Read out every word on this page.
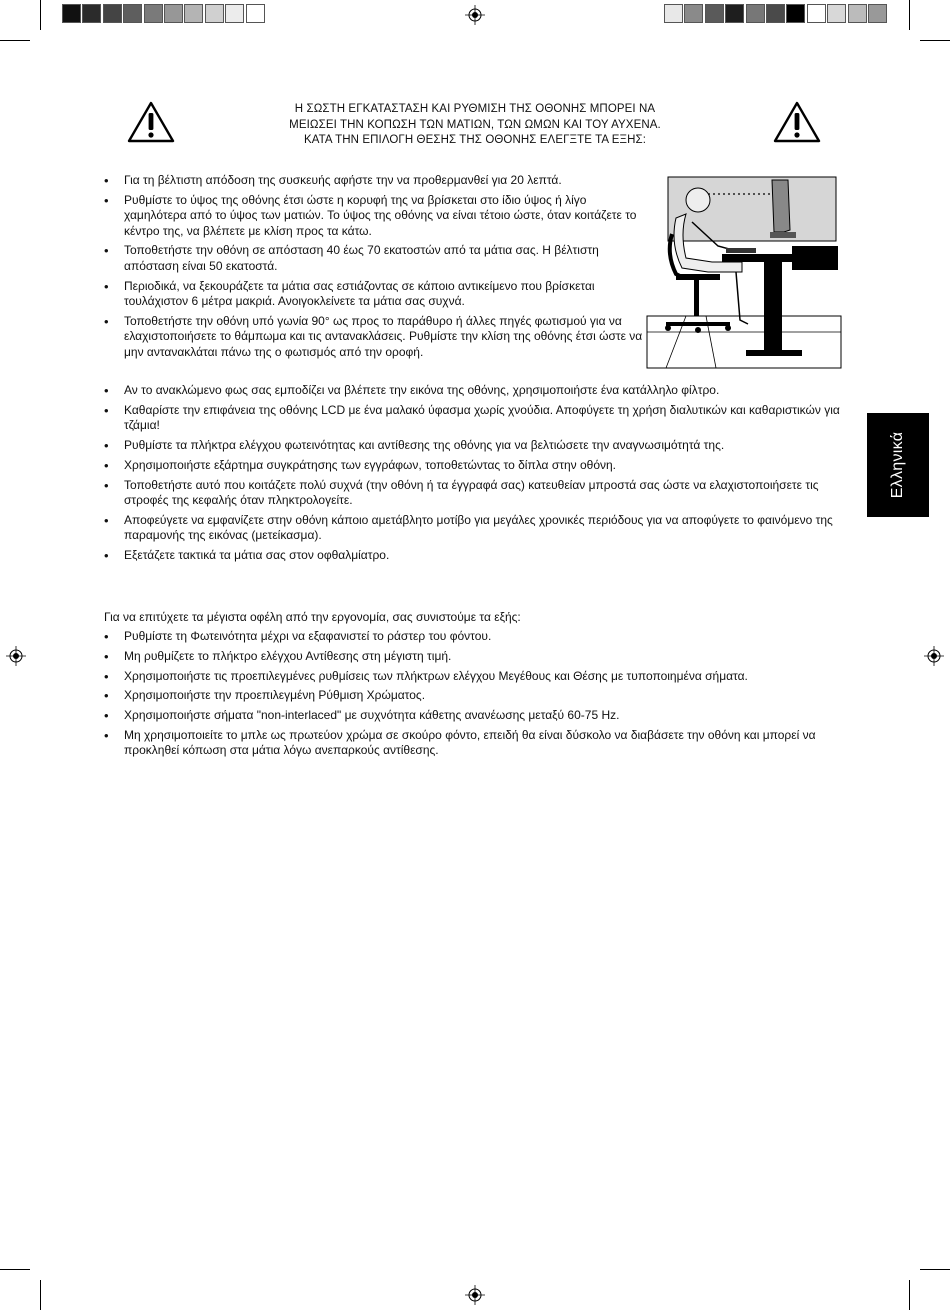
Η ΣΩΣΤΗ ΕΓΚΑΤΑΣΤΑΣΗ ΚΑΙ ΡΥΘΜΙΣΗ ΤΗΣ ΟΘΟΝΗΣ ΜΠΟΡΕΙ ΝΑ
ΜΕΙΩΣΕΙ ΤΗΝ ΚΟΠΩΣΗ ΤΩΝ ΜΑΤΙΩΝ, ΤΩΝ ΩΜΩΝ ΚΑΙ ΤΟΥ ΑΥΧΕΝΑ.
ΚΑΤΑ ΤΗΝ ΕΠΙΛΟΓΗ ΘΕΣΗΣ ΤΗΣ ΟΘΟΝΗΣ ΕΛΕΓΞΤΕ ΤΑ ΕΞΗΣ:
Ελληνικά
• Για τη βέλτιστη απόδοση της συσκευής αφήστε την να προθερμανθεί για 20 λεπτά.
• Ρυθμίστε το ύψος της οθόνης έτσι ώστε η κορυφή της να βρίσκεται στο ίδιο ύψος ή λίγο χαμηλότερα από το ύψος των ματιών. Το ύψος της οθόνης να είναι τέτοιο ώστε, όταν κοιτάζετε το κέντρο της, να βλέπετε με κλίση προς τα κάτω.
• Τοποθετήστε την οθόνη σε απόσταση 40 έως 70 εκατοστών από τα μάτια σας. Η βέλτιστη απόσταση είναι 50 εκατοστά.
• Περιοδικά, να ξεκουράζετε τα μάτια σας εστιάζοντας σε κάποιο αντικείμενο που βρίσκεται τουλάχιστον 6 μέτρα μακριά. Ανοιγοκλείνετε τα μάτια σας συχνά.
• Τοποθετήστε την οθόνη υπό γωνία 90° ως προς το παράθυρο ή άλλες πηγές φωτισμού για να ελαχιστοποιήσετε το θάμπωμα και τις αντανακλάσεις. Ρυθμίστε την κλίση της οθόνης έτσι ώστε να μην αντανακλάται πάνω της ο φωτισμός από την οροφή.
• Αν το ανακλώμενο φως σας εμποδίζει να βλέπετε την εικόνα της οθόνης, χρησιμοποιήστε ένα κατάλληλο φίλτρο.
• Καθαρίστε την επιφάνεια της οθόνης LCD με ένα μαλακό ύφασμα χωρίς χνούδια. Αποφύγετε τη χρήση διαλυτικών και καθαριστικών για τζάμια!
• Ρυθμίστε τα πλήκτρα ελέγχου φωτεινότητας και αντίθεσης της οθόνης για να βελτιώσετε την αναγνωσιμότητά της.
• Χρησιμοποιήστε εξάρτημα συγκράτησης των εγγράφων, τοποθετώντας το δίπλα στην οθόνη.
• Τοποθετήστε αυτό που κοιτάζετε πολύ συχνά (την οθόνη ή τα έγγραφά σας) κατευθείαν μπροστά σας ώστε να ελαχιστοποιήσετε τις στροφές της κεφαλής όταν πληκτρολογείτε.
• Αποφεύγετε να εμφανίζετε στην οθόνη κάποιο αμετάβλητο μοτίβο για μεγάλες χρονικές περιόδους για να αποφύγετε το φαινόμενο της παραμονής της εικόνας (μετείκασμα).
• Εξετάζετε τακτικά τα μάτια σας στον οφθαλμίατρο.
Για να επιτύχετε τα μέγιστα οφέλη από την εργονομία, σας συνιστούμε τα εξής:
• Ρυθμίστε τη Φωτεινότητα μέχρι να εξαφανιστεί το ράστερ του φόντου.
• Μη ρυθμίζετε το πλήκτρο ελέγχου Αντίθεσης στη μέγιστη τιμή.
• Χρησιμοποιήστε τις προεπιλεγμένες ρυθμίσεις των πλήκτρων ελέγχου Μεγέθους και Θέσης με τυποποιημένα σήματα.
• Χρησιμοποιήστε την προεπιλεγμένη Ρύθμιση Χρώματος.
• Χρησιμοποιήστε σήματα "non-interlaced" με συχνότητα κάθετης ανανέωσης μεταξύ 60-75 Hz.
• Μη χρησιμοποιείτε το μπλε ως πρωτεύον χρώμα σε σκούρο φόντο, επειδή θα είναι δύσκολο να διαβάσετε την οθόνη και μπορεί να προκληθεί κόπωση στα μάτια λόγω ανεπαρκούς αντίθεσης.
